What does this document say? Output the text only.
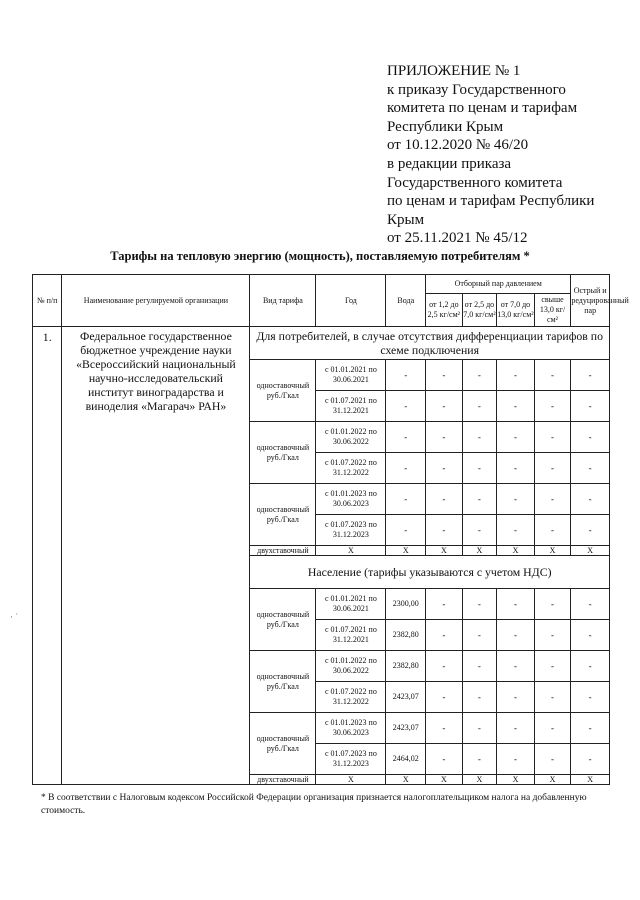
ПРИЛОЖЕНИЕ № 1
к приказу Государственного
комитета по ценам и тарифам
Республики Крым
от 10.12.2020 № 46/20
в редакции приказа
Государственного комитета
по ценам и тарифам Республики
Крым
от 25.11.2021 № 45/12
Тарифы на тепловую энергию (мощность), поставляемую потребителям *
№ п/п	Наименование регулируемой организации	Вид тарифа	Год	Вода	Отборный пар давлением				Острый и редуцированный пар
					от 1,2 до 2,5 кг/см²	от 2,5 до 7,0 кг/см²	от 7,0 до 13,0 кг/см²	свыше 13,0 кг/см²	
1.	Федеральное государственное бюджетное учреждение науки «Всероссийский национальный научно-исследовательский институт виноградарства и виноделия «Магарач» РАН»	Для потребителей, в случае отсутствия дифференциации тарифов по схеме подключения							
		одноставочный руб./Гкал	с 01.01.2021 по 30.06.2021	-	-	-	-	-	-
			с 01.07.2021 по 31.12.2021	-	-	-	-	-	-
		одноставочный руб./Гкал	с 01.01.2022 по 30.06.2022	-	-	-	-	-	-
			с 01.07.2022 по 31.12.2022	-	-	-	-	-	-
		одноставочный руб./Гкал	с 01.01.2023 по 30.06.2023	-	-	-	-	-	-
			с 01.07.2023 по 31.12.2023	-	-	-	-	-	-
		двухставочный	X	X	X	X	X	X	X
		Население (тарифы указываются с учетом НДС)							
		одноставочный руб./Гкал	с 01.01.2021 по 30.06.2021	2300,00	-	-	-	-	-
			с 01.07.2021 по 31.12.2021	2382,80	-	-	-	-	-
		одноставочный руб./Гкал	с 01.01.2022 по 30.06.2022	2382,80	-	-	-	-	-
			с 01.07.2022 по 31.12.2022	2423,07	-	-	-	-	-
		одноставочный руб./Гкал	с 01.01.2023 по 30.06.2023	2423,07	-	-	-	-	-
			с 01.07.2023 по 31.12.2023	2464,02	-	-	-	-	-
		двухставочный	X	X	X	X	X	X	X
* В соответствии с Налоговым кодексом Российской Федерации организация признается налогоплательщиком налога на добавленную стоимость.
· ˙
